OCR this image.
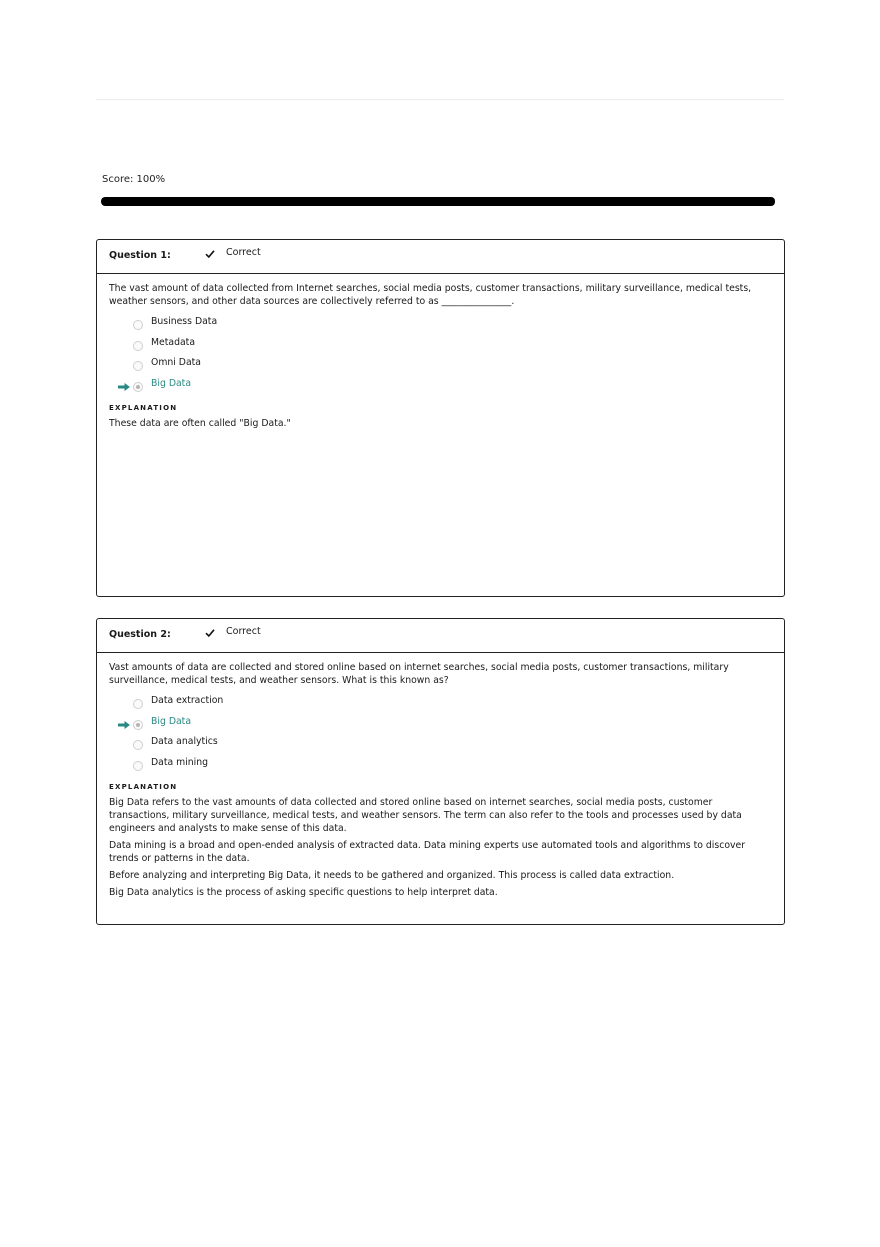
Score: 100%
Question 1:	Correct

The vast amount of data collected from Internet searches, social media posts, customer transactions, military surveillance, medical tests, weather sensors, and other data sources are collectively referred to as _______________.

Business Data
Metadata
Omni Data
Big Data
EXPLANATION

These data are often called "Big Data."

Question 2:	Correct

Vast amounts of data are collected and stored online based on internet searches, social media posts, customer transactions, military surveillance, medical tests, and weather sensors. What is this known as?

Data extraction
Big Data
Data analytics
Data mining
EXPLANATION

Big Data refers to the vast amounts of data collected and stored online based on internet searches, social media posts, customer transactions, military surveillance, medical tests, and weather sensors. The term can also refer to the tools and processes used by data engineers and analysts to make sense of this data.

Data mining is a broad and open-ended analysis of extracted data. Data mining experts use automated tools and algorithms to discover trends or patterns in the data.

Before analyzing and interpreting Big Data, it needs to be gathered and organized. This process is called data extraction.

Big Data analytics is the process of asking specific questions to help interpret data.
